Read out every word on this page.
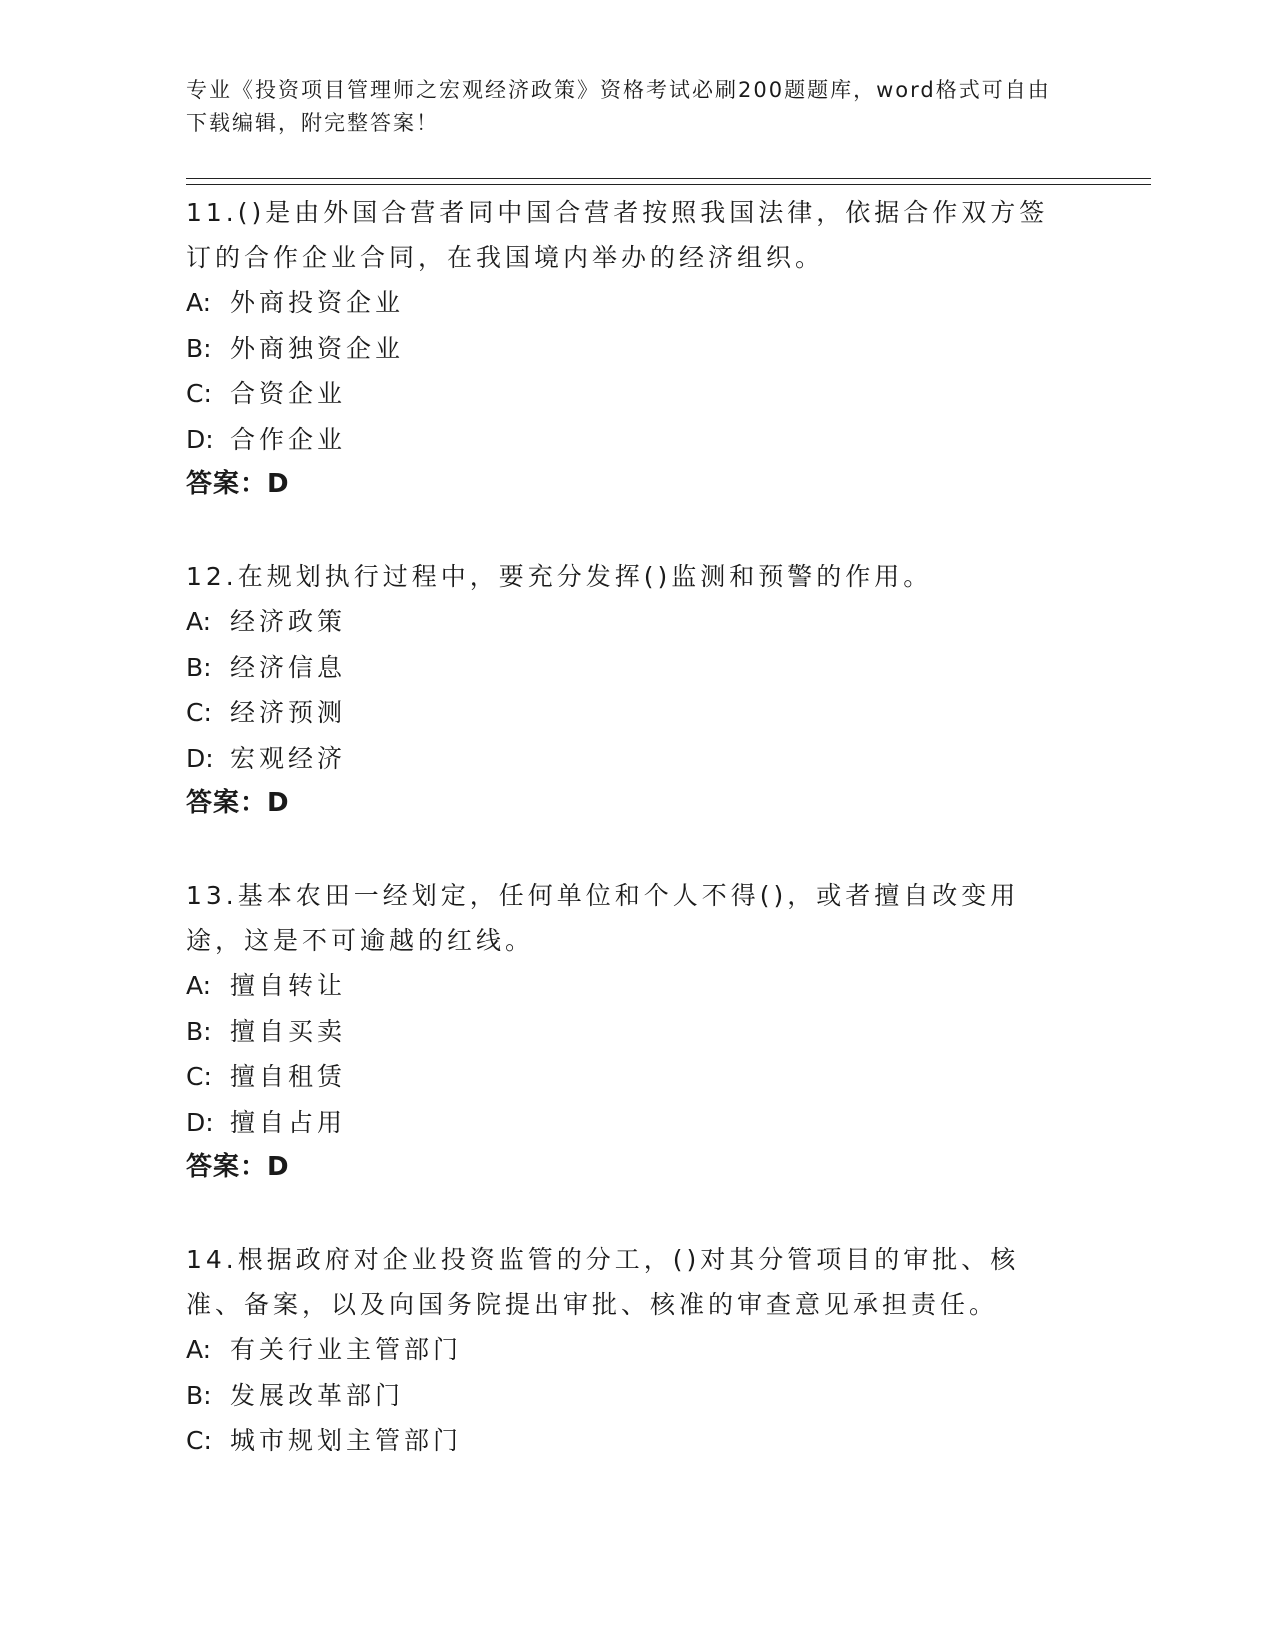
专业《投资项目管理师之宏观经济政策》资格考试必刷200题题库，word格式可自由下载编辑，附完整答案！

11.()是由外国合营者同中国合营者按照我国法律，依据合作双方签订的合作企业合同，在我国境内举办的经济组织。

A: 外商投资企业
B: 外商独资企业
C: 合资企业
D: 合作企业
答案：D

12.在规划执行过程中，要充分发挥()监测和预警的作用。

A: 经济政策
B: 经济信息
C: 经济预测
D: 宏观经济
答案：D

13.基本农田一经划定，任何单位和个人不得()，或者擅自改变用途，这是不可逾越的红线。

A: 擅自转让
B: 擅自买卖
C: 擅自租赁
D: 擅自占用
答案：D

14.根据政府对企业投资监管的分工，()对其分管项目的审批、核准、备案，以及向国务院提出审批、核准的审查意见承担责任。

A: 有关行业主管部门
B: 发展改革部门
C: 城市规划主管部门
